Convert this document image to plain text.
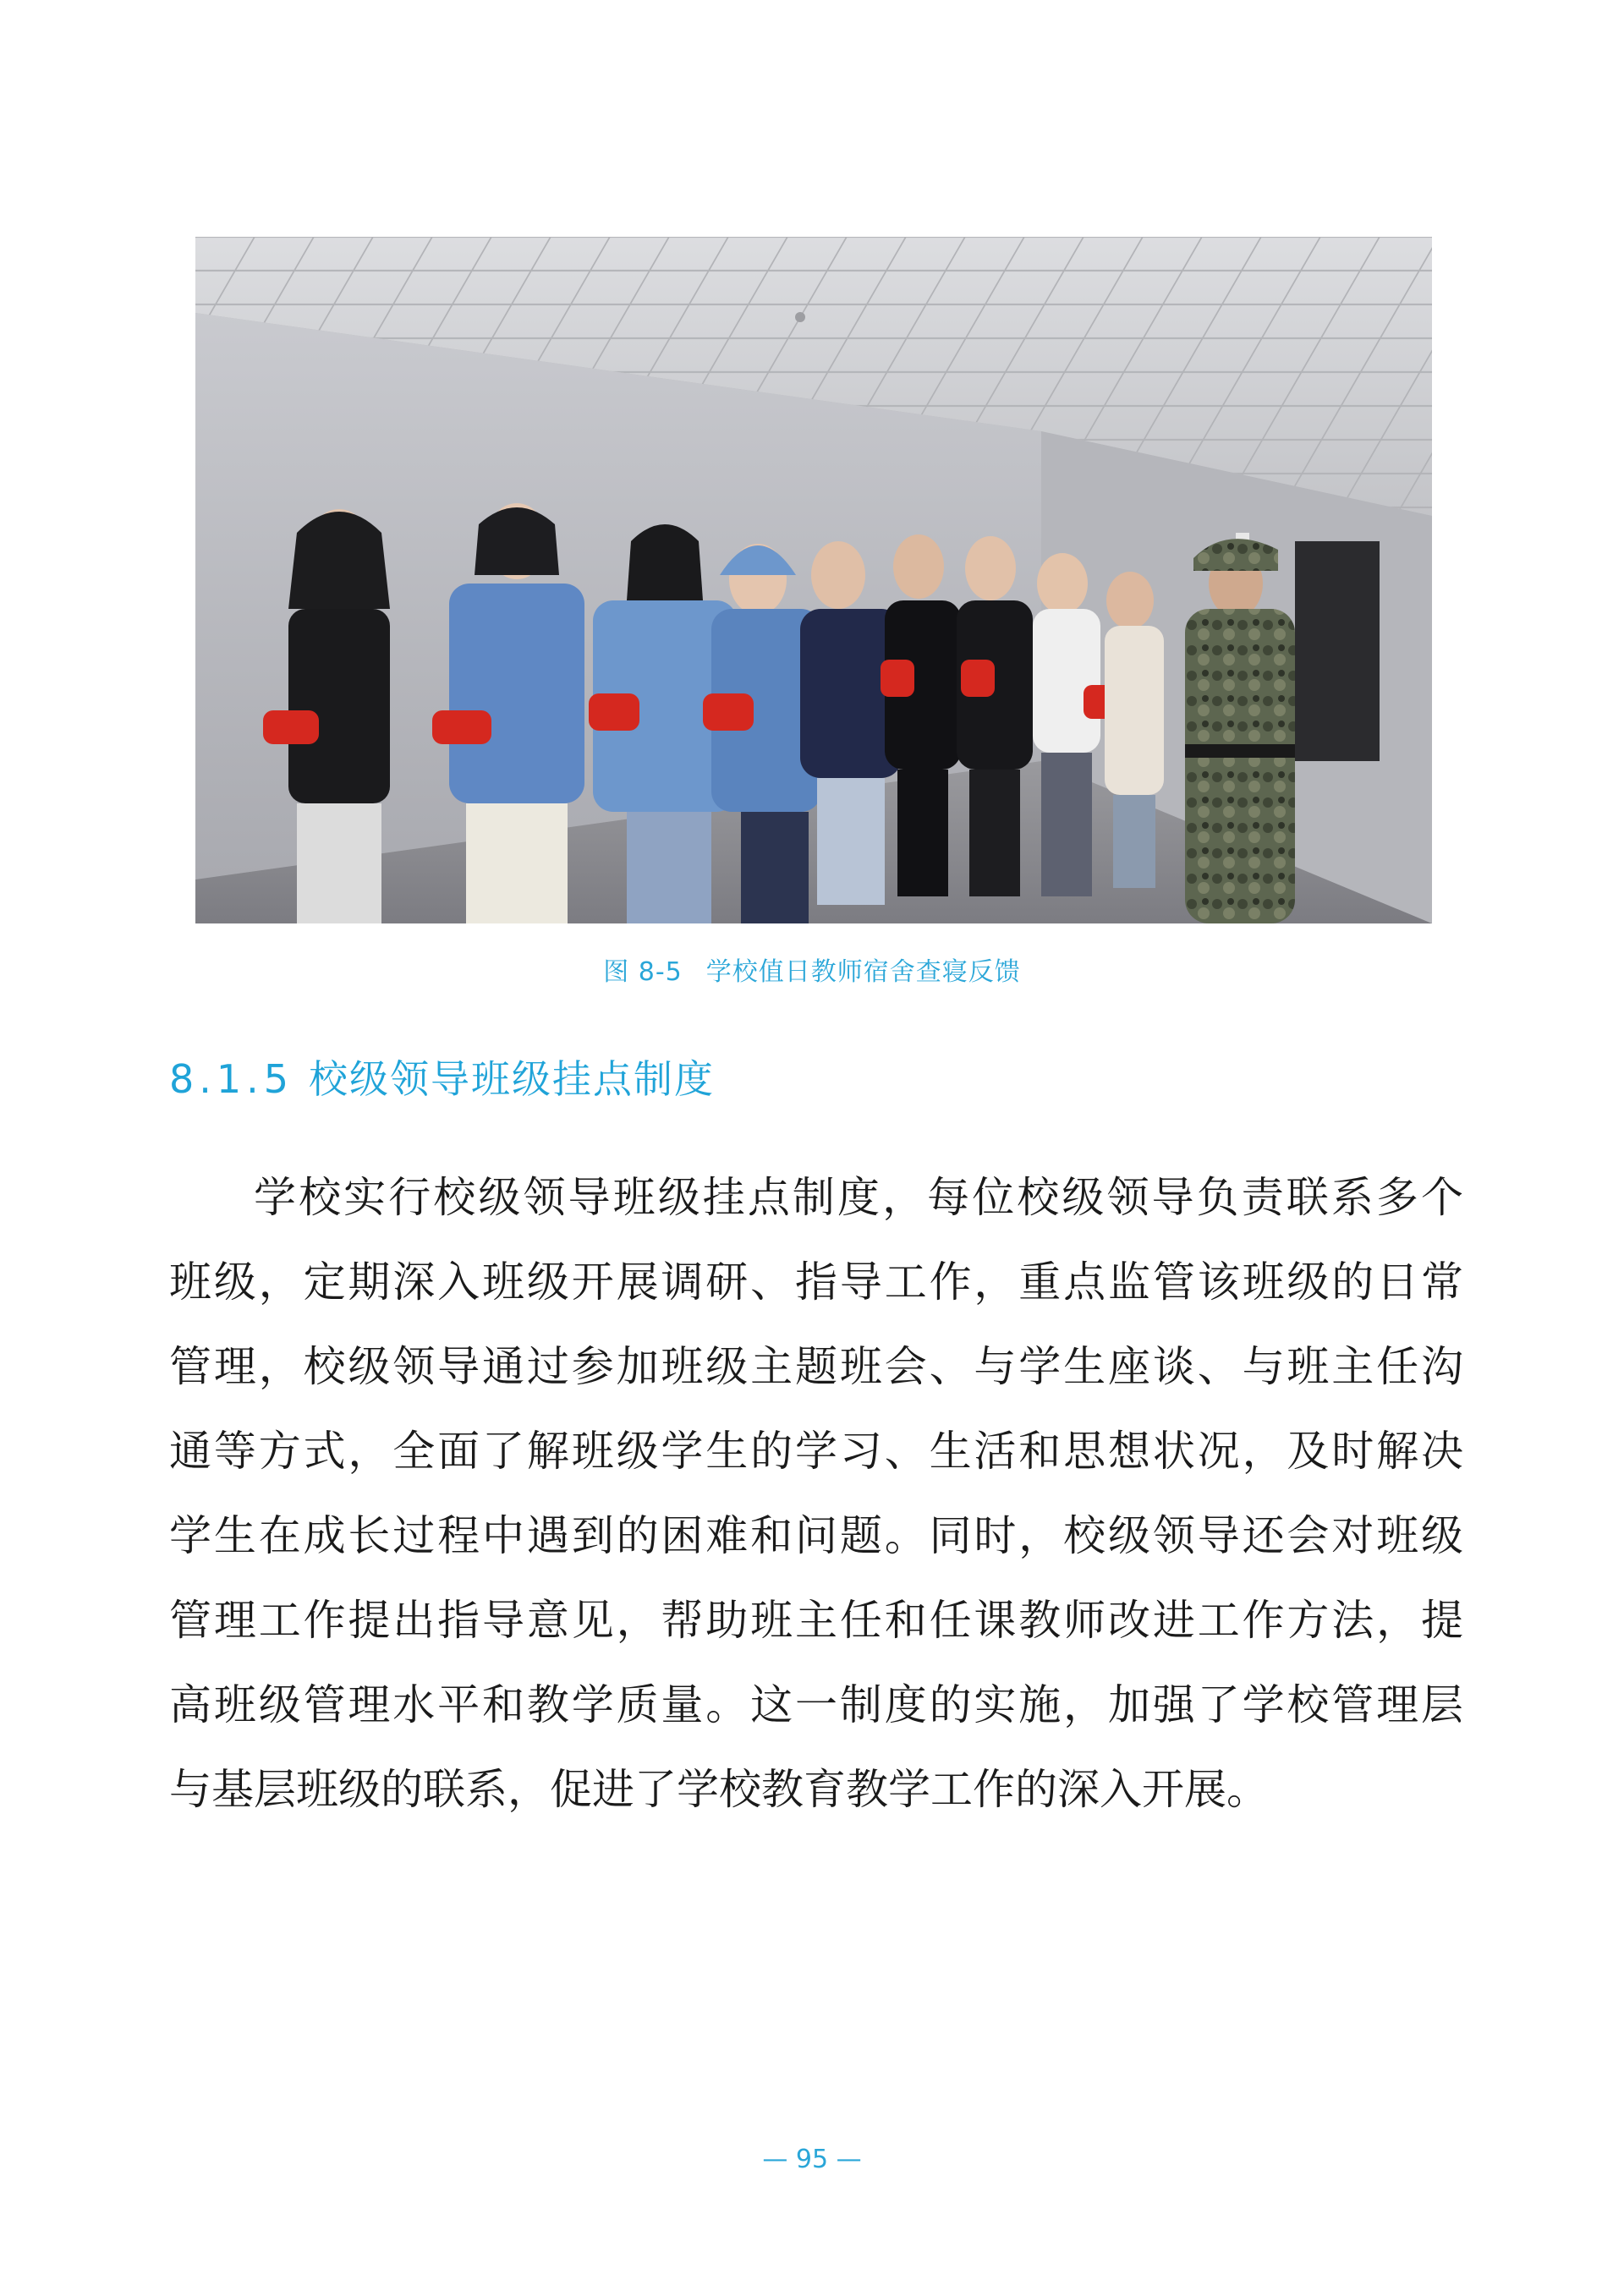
图 8-5 学校值日教师宿舍查寝反馈
8.1.5 校级领导班级挂点制度
学校实行校级领导班级挂点制度，每位校级领导负责联系多个
班级，定期深入班级开展调研、指导工作，重点监管该班级的日常
管理，校级领导通过参加班级主题班会、与学生座谈、与班主任沟
通等方式，全面了解班级学生的学习、生活和思想状况，及时解决
学生在成长过程中遇到的困难和问题。同时，校级领导还会对班级
管理工作提出指导意见，帮助班主任和任课教师改进工作方法，提
高班级管理水平和教学质量。这一制度的实施，加强了学校管理层
与基层班级的联系，促进了学校教育教学工作的深入开展。
— 95 —
